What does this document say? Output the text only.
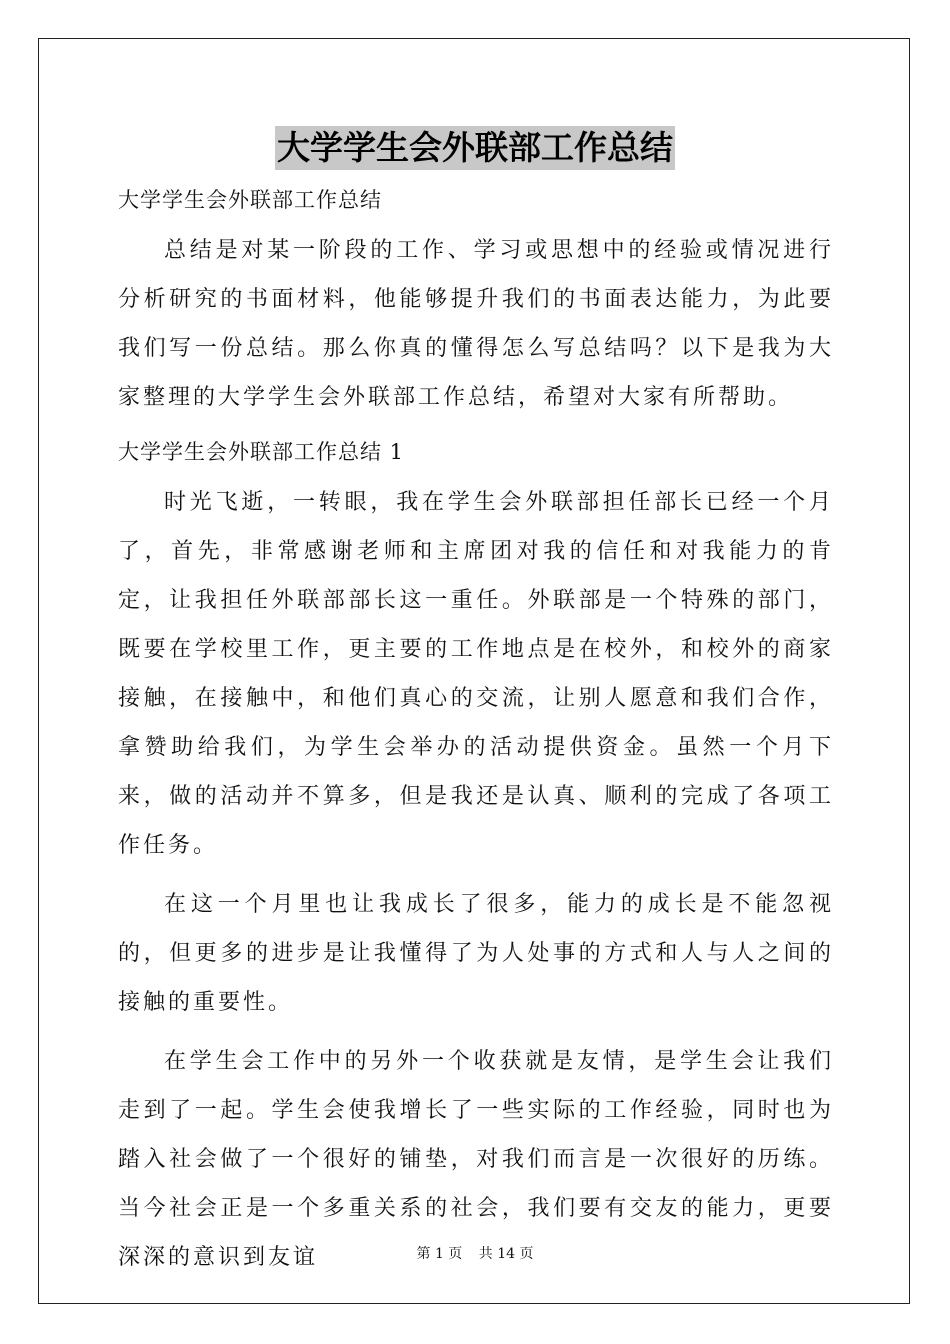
大学学生会外联部工作总结

大学学生会外联部工作总结

总结是对某一阶段的工作、学习或思想中的经验或情况进行分析研究的书面材料，他能够提升我们的书面表达能力，为此要我们写一份总结。那么你真的懂得怎么写总结吗？以下是我为大家整理的大学学生会外联部工作总结，希望对大家有所帮助。

大学学生会外联部工作总结 1

时光飞逝，一转眼，我在学生会外联部担任部长已经一个月了，首先，非常感谢老师和主席团对我的信任和对我能力的肯定，让我担任外联部部长这一重任。外联部是一个特殊的部门，既要在学校里工作，更主要的工作地点是在校外，和校外的商家接触，在接触中，和他们真心的交流，让别人愿意和我们合作，拿赞助给我们，为学生会举办的活动提供资金。虽然一个月下来，做的活动并不算多，但是我还是认真、顺利的完成了各项工作任务。

在这一个月里也让我成长了很多，能力的成长是不能忽视的，但更多的进步是让我懂得了为人处事的方式和人与人之间的接触的重要性。

在学生会工作中的另外一个收获就是友情，是学生会让我们走到了一起。学生会使我增长了一些实际的工作经验，同时也为踏入社会做了一个很好的铺垫，对我们而言是一次很好的历练。当今社会正是一个多重关系的社会，我们要有交友的能力，更要深深的意识到友谊	第 1 页 共 14 页
